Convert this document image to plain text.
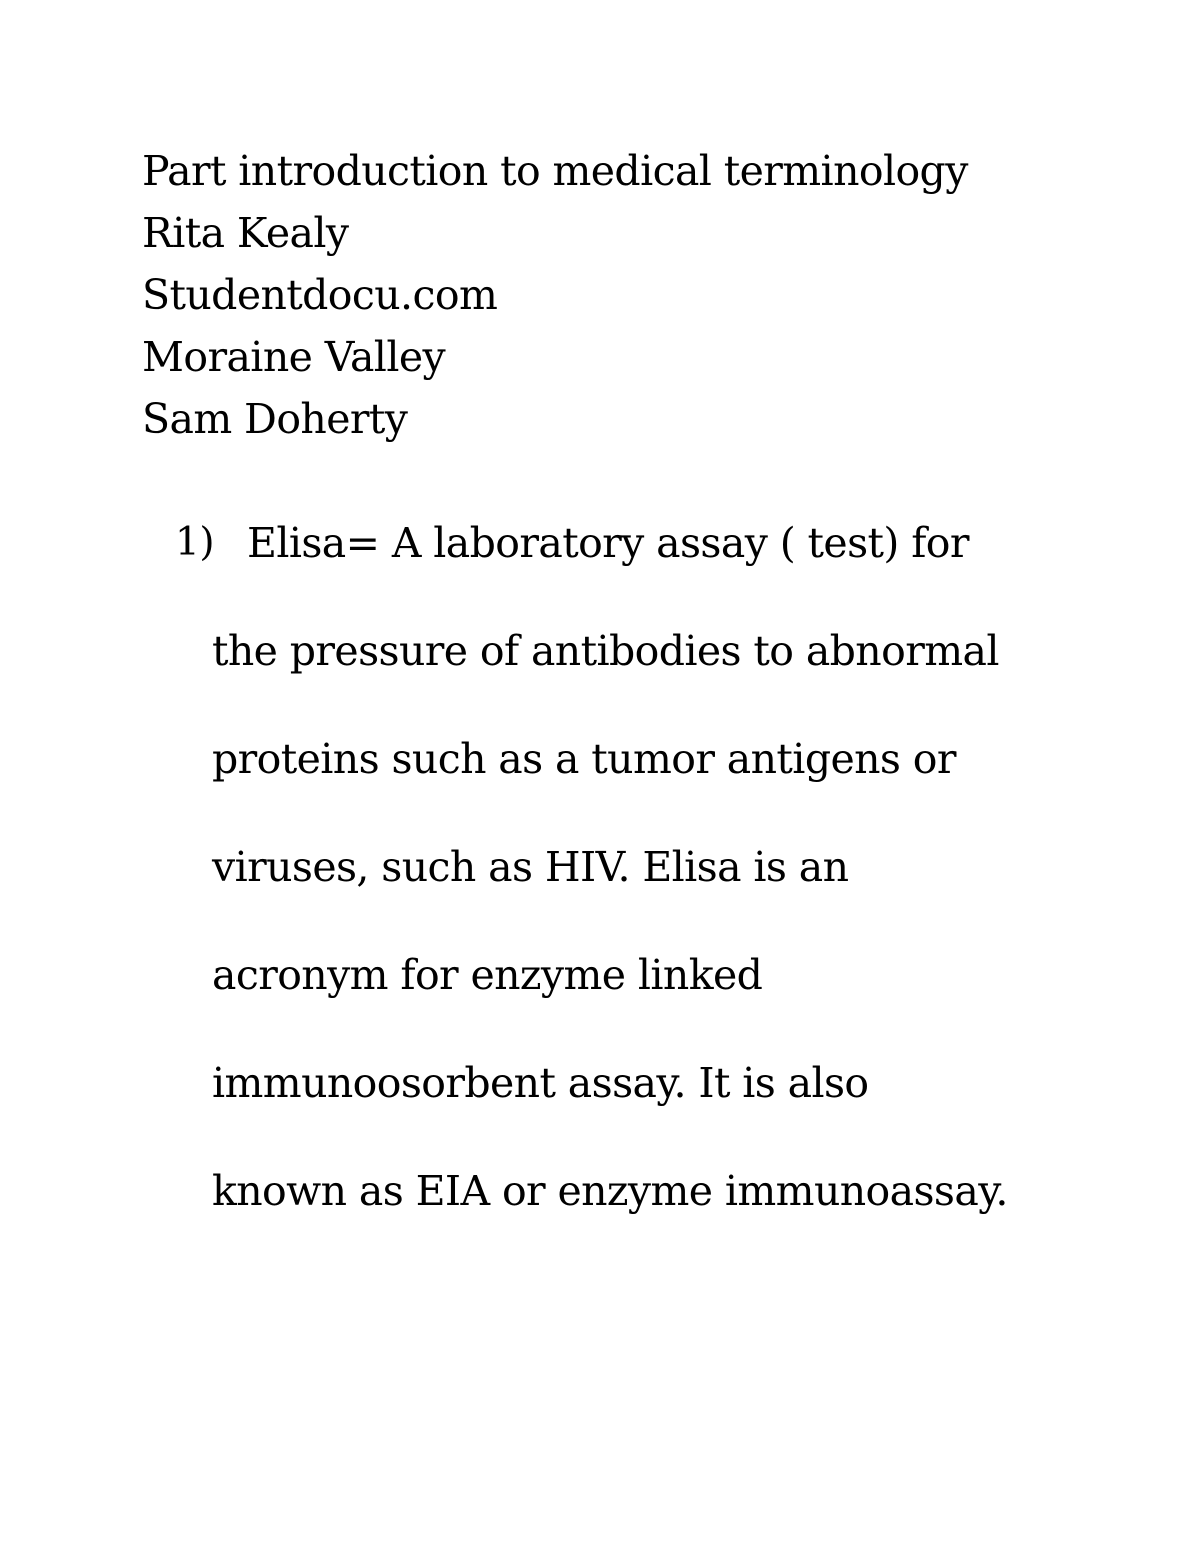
Part introduction to medical terminology
Rita Kealy
Studentdocu.com
Moraine Valley
Sam Doherty
1) Elisa= A laboratory assay ( test) for
the pressure of antibodies to abnormal
proteins such as a tumor antigens or
viruses, such as HIV. Elisa is an
acronym for enzyme linked
immunoosorbent assay. It is also
known as EIA or enzyme immunoassay.
